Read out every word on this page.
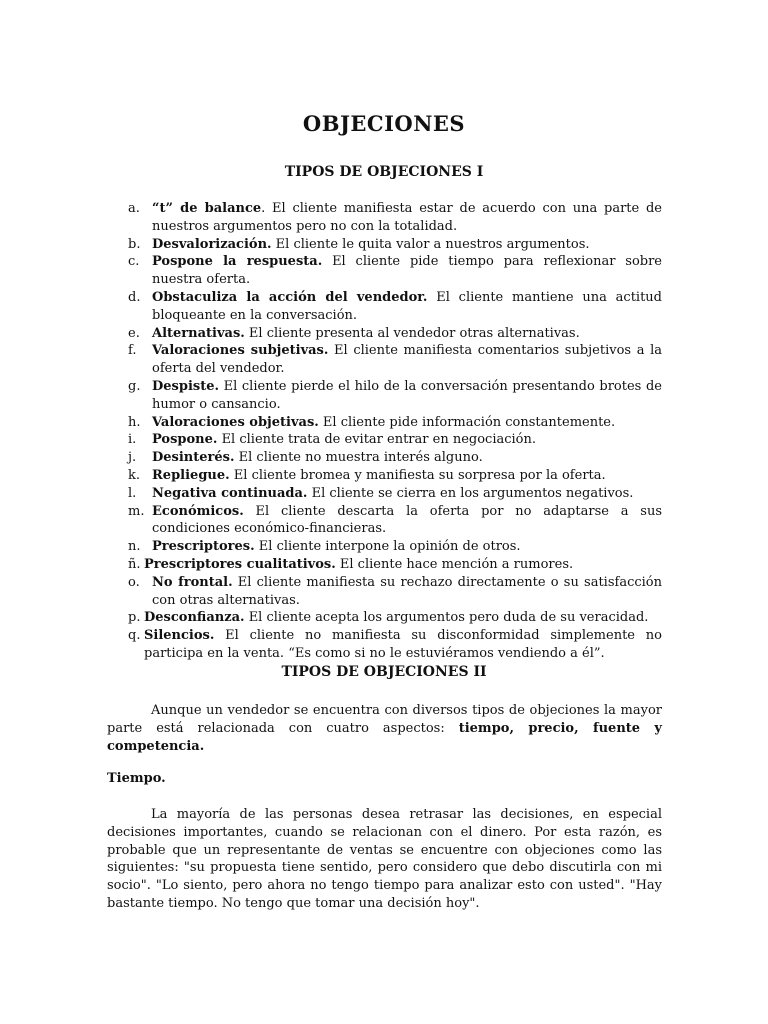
OBJECIONES
TIPOS DE OBJECIONES I
a. “t” de balance. El cliente manifiesta estar de acuerdo con una parte de nuestros argumentos pero no con la totalidad.
b. Desvalorización. El cliente le quita valor a nuestros argumentos.
c. Pospone la respuesta. El cliente pide tiempo para reflexionar sobre nuestra oferta.
d. Obstaculiza la acción del vendedor. El cliente mantiene una actitud bloqueante en la conversación.
e. Alternativas. El cliente presenta al vendedor otras alternativas.
f.	Valoraciones subjetivas. El cliente manifiesta comentarios subjetivos a la oferta del vendedor.
g. Despiste. El cliente pierde el hilo de la conversación presentando brotes de humor o cansancio.
h. Valoraciones objetivas. El cliente pide información constantemente.
i.	Pospone. El cliente trata de evitar entrar en negociación.
j.	Desinterés. El cliente no muestra interés alguno.
k. Repliegue. El cliente bromea y manifiesta su sorpresa por la oferta.
l.	Negativa continuada. El cliente se cierra en los argumentos negativos.
m. Económicos. El cliente descarta la oferta por no adaptarse a sus condiciones económico-financieras.
n. Prescriptores. El cliente interpone la opinión de otros.
ñ. Prescriptores cualitativos. El cliente hace mención a rumores.
o. No frontal. El cliente manifiesta su rechazo directamente o su satisfacción con otras alternativas.
p. Desconfianza. El cliente acepta los argumentos pero duda de su veracidad.
q. Silencios. El cliente no manifiesta su disconformidad simplemente no participa en la venta. “Es como si no le estuviéramos vendiendo a él”.
TIPOS DE OBJECIONES II
Aunque un vendedor se encuentra con diversos tipos de objeciones la mayor parte está relacionada con cuatro aspectos: tiempo, precio, fuente y competencia.
Tiempo.
La mayoría de las personas desea retrasar las decisiones, en especial decisiones importantes, cuando se relacionan con el dinero. Por esta razón, es probable que un representante de ventas se encuentre con objeciones como las siguientes: "su propuesta tiene sentido, pero considero que debo discutirla con mi socio". "Lo siento, pero ahora no tengo tiempo para analizar esto con usted". "Hay bastante tiempo. No tengo que tomar una decisión hoy".
